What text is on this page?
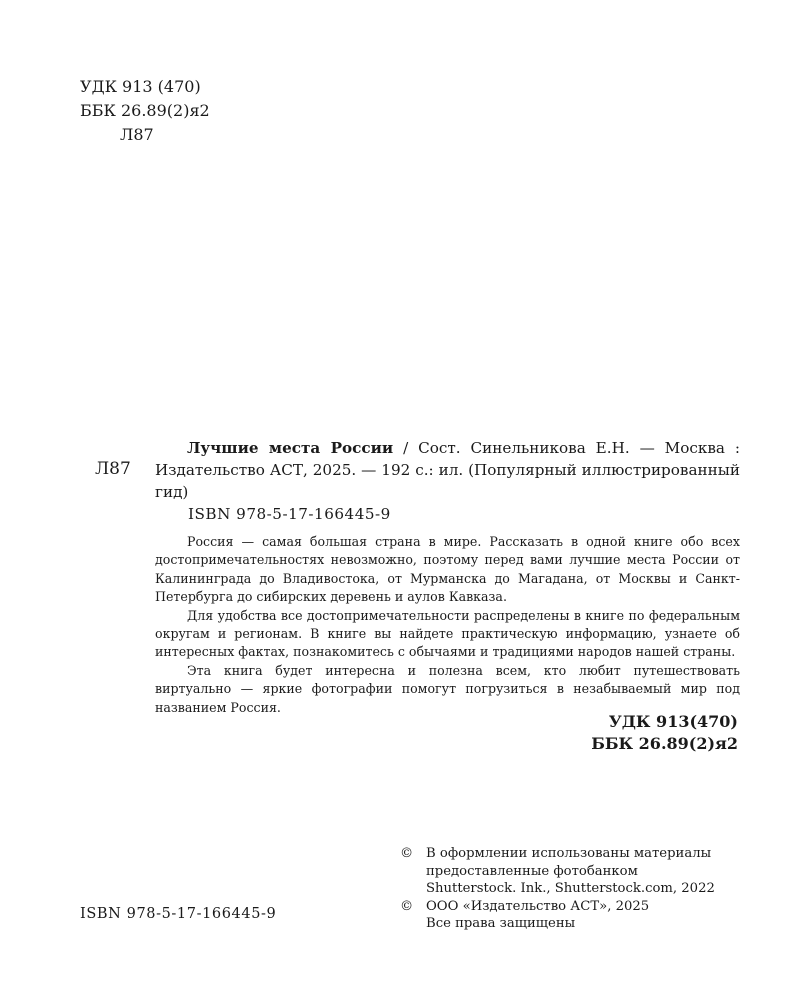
УДК 913 (470)
ББК 26.89(2)я2
Л87
Л87
Лучшие места России / Сост. Синельникова Е.Н. — Москва : Издательство АСТ, 2025. — 192 с.: ил. (Популярный иллюстрированный гид)
ISBN 978-5-17-166445-9

Россия — самая большая страна в мире. Рассказать в одной книге обо всех достопримечательностях невозможно, поэтому перед вами лучшие места России от Калининграда до Владивостока, от Мурманска до Магадана, от Москвы и Санкт-Петербурга до сибирских деревень и аулов Кавказа.

Для удобства все достопримечательности распределены в книге по федеральным округам и регионам. В книге вы найдете практическую информацию, узнаете об интересных фактах, познакомитесь с обычаями и традициями народов нашей страны.

Эта книга будет интересна и полезна всем, кто любит путешествовать виртуально — яркие фотографии помогут погрузиться в незабываемый мир под названием Россия.

УДК 913(470)
ББК 26.89(2)я2
© В оформлении использованы материалы
предоставленные фотобанком
Shutterstock. Ink., Shutterstock.com, 2022
© ООО «Издательство АСТ», 2025
Все права защищены
ISBN 978-5-17-166445-9
